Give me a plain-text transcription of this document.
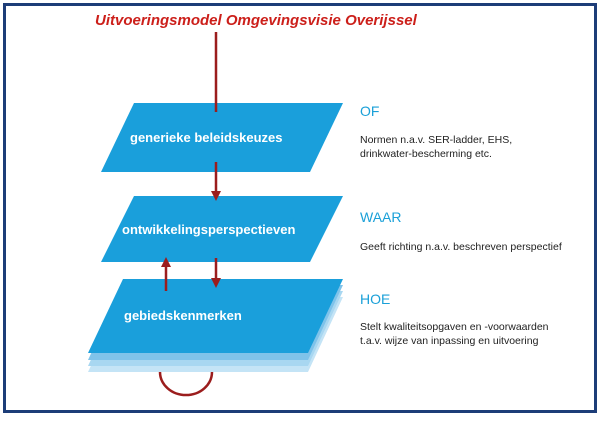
Uitvoeringsmodel Omgevingsvisie Overijssel
generieke beleidskeuzes
ontwikkelingsperspectieven
gebiedskenmerken
OF
Normen n.a.v. SER-ladder, EHS,
drinkwater-bescherming etc.
WAAR
Geeft richting n.a.v. beschreven perspectief
HOE
Stelt kwaliteitsopgaven en -voorwaarden
t.a.v. wijze van inpassing en uitvoering
